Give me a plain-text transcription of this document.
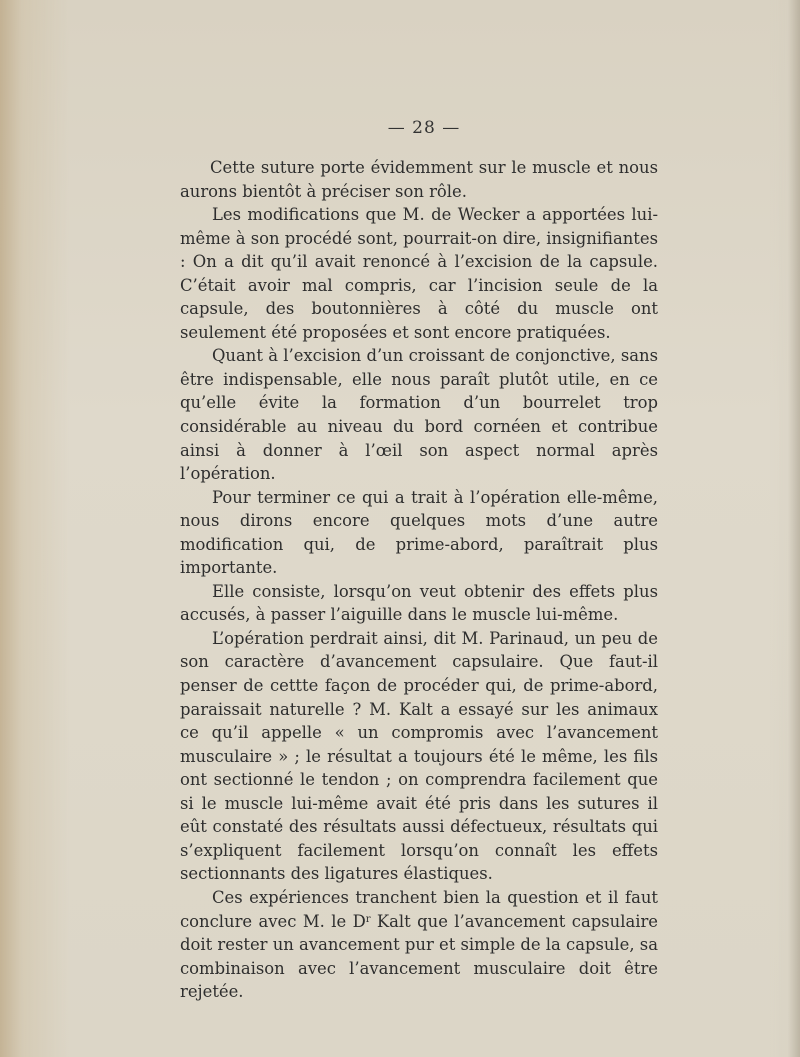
— 28 —

Cette suture porte évidemment sur le muscle et nous aurons bientôt à préciser son rôle.

Les modifications que M. de Wecker a apportées lui-même à son procédé sont, pourrait-on dire, insignifiantes : On a dit qu’il avait renoncé à l’excision de la capsule. C’était avoir mal compris, car l’incision seule de la capsule, des boutonnières à côté du muscle ont seulement été proposées et sont encore pratiquées.

Quant à l’excision d’un croissant de conjonctive, sans être indispensable, elle nous paraît plutôt utile, en ce qu’elle évite la formation d’un bourrelet trop considérable au niveau du bord cornéen et contribue ainsi à donner à l’œil son aspect normal après l’opération.

Pour terminer ce qui a trait à l’opération elle-même, nous dirons encore quelques mots d’une autre modification qui, de prime-abord, paraîtrait plus importante.

Elle consiste, lorsqu’on veut obtenir des effets plus accusés, à passer l’aiguille dans le muscle lui-même.

L’opération perdrait ainsi, dit M. Parinaud, un peu de son caractère d’avancement capsulaire. Que faut-il penser de cettte façon de procéder qui, de prime-abord, paraissait naturelle ? M. Kalt a essayé sur les animaux ce qu’il appelle « un compromis avec l’avancement musculaire » ; le résultat a toujours été le même, les fils ont sectionné le tendon ; on comprendra facilement que si le muscle lui-même avait été pris dans les sutures il eût constaté des résultats aussi défectueux, résultats qui s’expliquent facilement lorsqu’on connaît les effets sectionnants des ligatures élastiques.

Ces expériences tranchent bien la question et il faut conclure avec M. le $D^r$ Kalt que l’avancement capsulaire doit rester un avancement pur et simple de la capsule, sa combinaison avec l’avancement musculaire doit être rejetée.
